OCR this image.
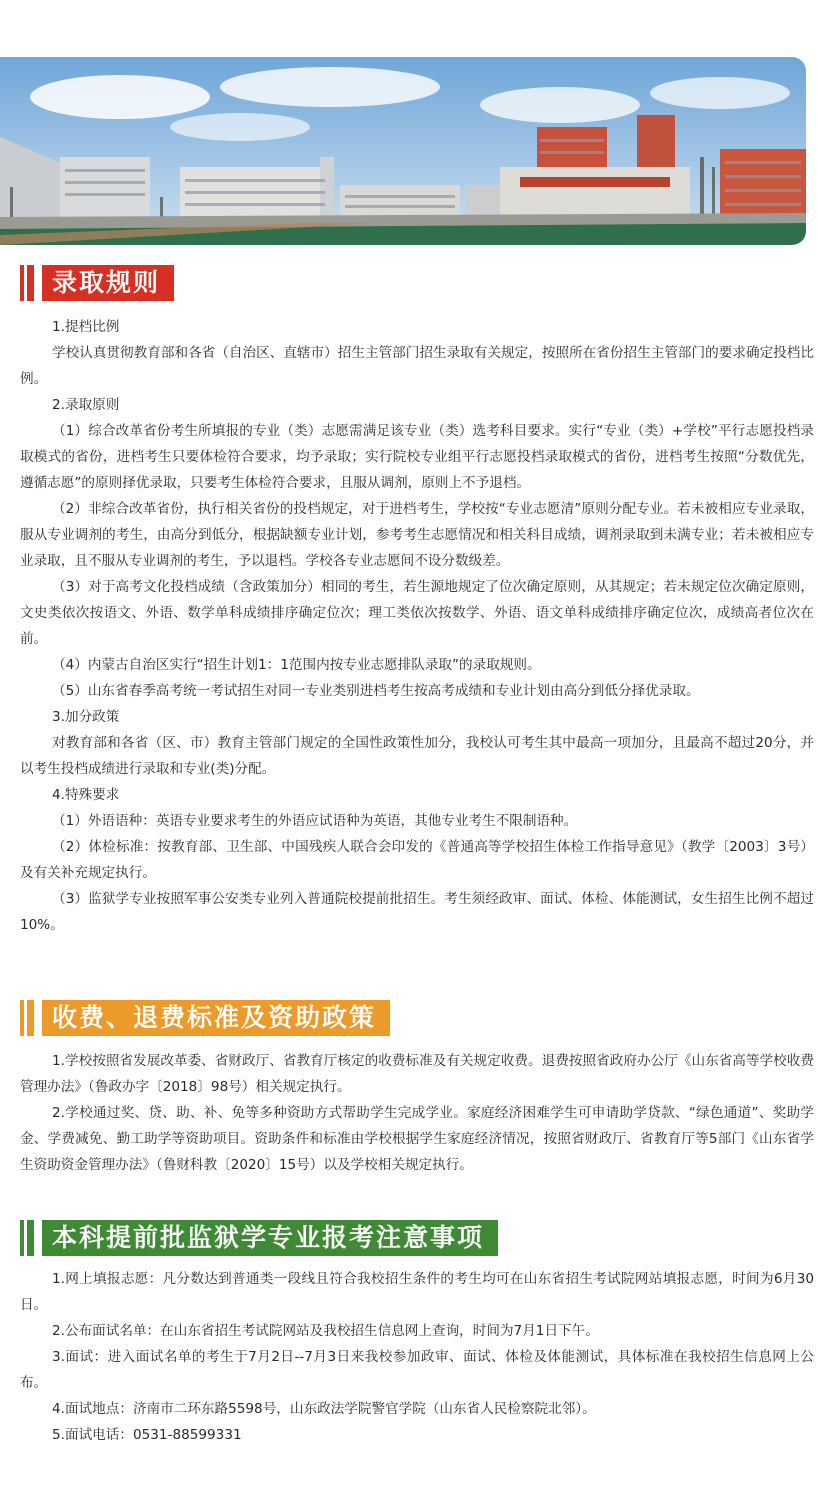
录取规则

1.提档比例

学校认真贯彻教育部和各省（自治区、直辖市）招生主管部门招生录取有关规定，按照所在省份招生主管部门的要求确定投档比例。

2.录取原则

（1）综合改革省份考生所填报的专业（类）志愿需满足该专业（类）选考科目要求。实行“专业（类）+学校”平行志愿投档录取模式的省份，进档考生只要体检符合要求，均予录取；实行院校专业组平行志愿投档录取模式的省份，进档考生按照“分数优先，遵循志愿”的原则择优录取，只要考生体检符合要求，且服从调剂，原则上不予退档。

（2）非综合改革省份，执行相关省份的投档规定，对于进档考生，学校按“专业志愿清”原则分配专业。若未被相应专业录取，服从专业调剂的考生，由高分到低分，根据缺额专业计划，参考考生志愿情况和相关科目成绩，调剂录取到未满专业；若未被相应专业录取，且不服从专业调剂的考生，予以退档。学校各专业志愿间不设分数级差。

（3）对于高考文化投档成绩（含政策加分）相同的考生，若生源地规定了位次确定原则，从其规定；若未规定位次确定原则，文史类依次按语文、外语、数学单科成绩排序确定位次；理工类依次按数学、外语、语文单科成绩排序确定位次，成绩高者位次在前。

（4）内蒙古自治区实行“招生计划1：1范围内按专业志愿排队录取”的录取规则。

（5）山东省春季高考统一考试招生对同一专业类别进档考生按高考成绩和专业计划由高分到低分择优录取。

3.加分政策

对教育部和各省（区、市）教育主管部门规定的全国性政策性加分，我校认可考生其中最高一项加分，且最高不超过20分，并以考生投档成绩进行录取和专业(类)分配。

4.特殊要求

（1）外语语种：英语专业要求考生的外语应试语种为英语，其他专业考生不限制语种。

（2）体检标准：按教育部、卫生部、中国残疾人联合会印发的《普通高等学校招生体检工作指导意见》（教学〔2003〕3号）及有关补充规定执行。

（3）监狱学专业按照军事公安类专业列入普通院校提前批招生。考生须经政审、面试、体检、体能测试，女生招生比例不超过10%。

收费、退费标准及资助政策

1.学校按照省发展改革委、省财政厅、省教育厅核定的收费标准及有关规定收费。退费按照省政府办公厅《山东省高等学校收费管理办法》（鲁政办字〔2018〕98号）相关规定执行。

2.学校通过奖、贷、助、补、免等多种资助方式帮助学生完成学业。家庭经济困难学生可申请助学贷款、“绿色通道”、奖助学金、学费减免、勤工助学等资助项目。资助条件和标准由学校根据学生家庭经济情况，按照省财政厅、省教育厅等5部门《山东省学生资助资金管理办法》（鲁财科教〔2020〕15号）以及学校相关规定执行。

本科提前批监狱学专业报考注意事项

1.网上填报志愿：凡分数达到普通类一段线且符合我校招生条件的考生均可在山东省招生考试院网站填报志愿，时间为6月30日。

2.公布面试名单：在山东省招生考试院网站及我校招生信息网上查询，时间为7月1日下午。

3.面试：进入面试名单的考生于7月2日--7月3日来我校参加政审、面试、体检及体能测试，具体标准在我校招生信息网上公布。

4.面试地点：济南市二环东路5598号，山东政法学院警官学院（山东省人民检察院北邻）。

5.面试电话：0531-88599331
